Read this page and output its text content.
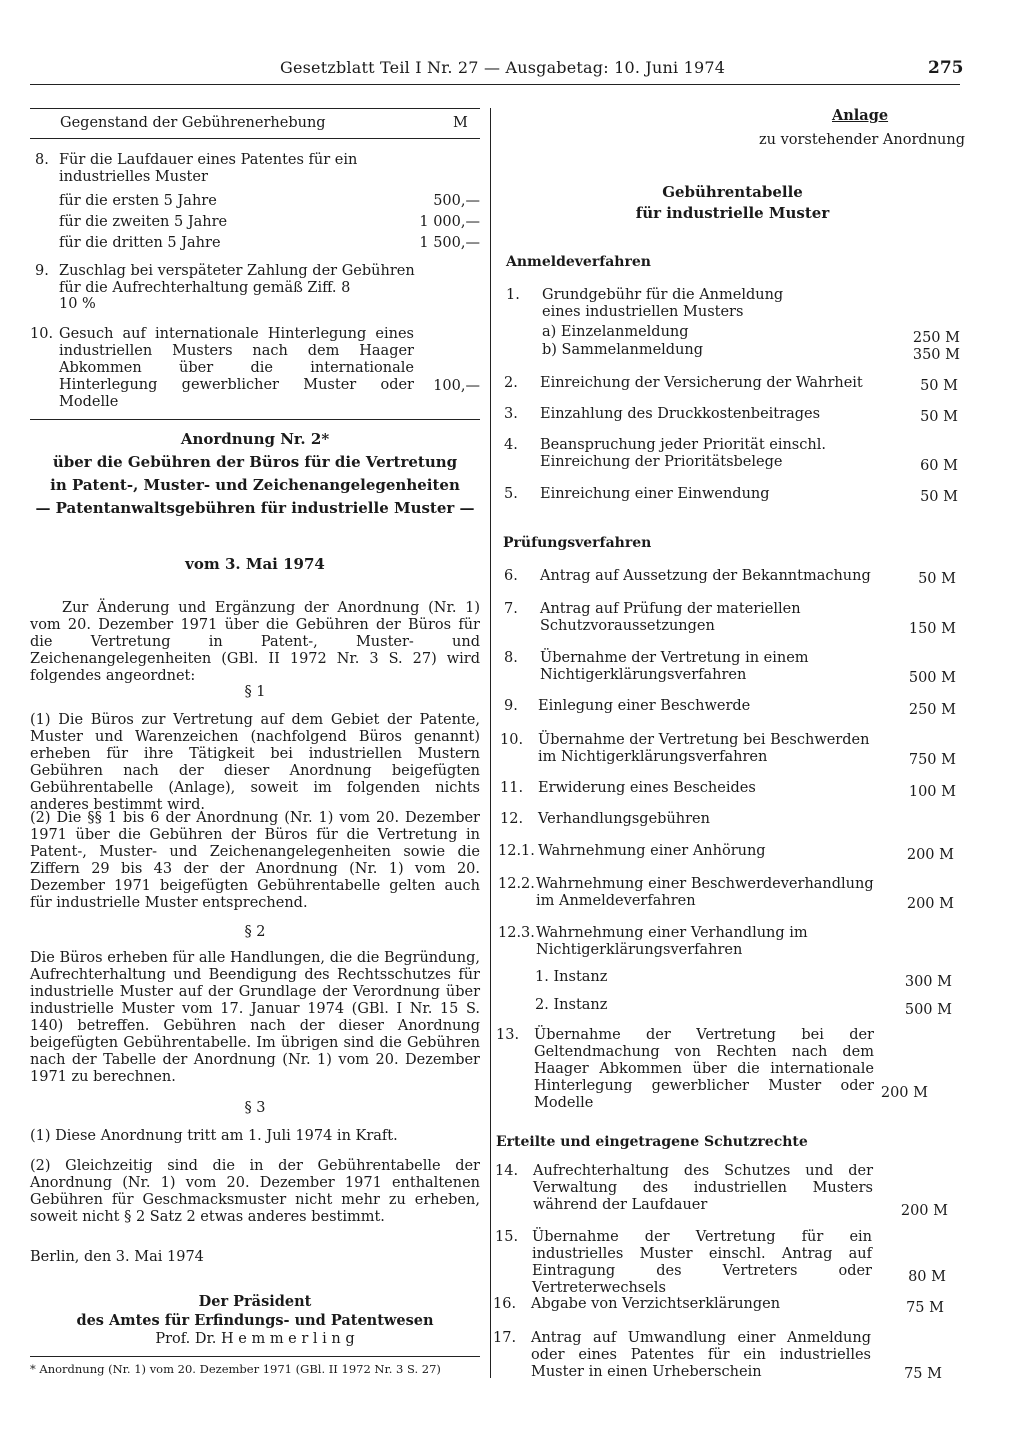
Gesetzblatt Teil I Nr. 27 — Ausgabetag: 10. Juni 1974	275
Gegenstand der Gebührenerhebung	M
8. Für die Laufdauer eines Patentes für ein industrielles Muster
für die ersten 5 Jahre	500,—
für die zweiten 5 Jahre	1 000,—
für die dritten 5 Jahre	1 500,—
9. Zuschlag bei verspäteter Zahlung der Gebühren für die Aufrechterhaltung gemäß Ziff. 8
10 %
10. Gesuch auf internationale Hinterlegung eines industriellen Musters nach dem Haager Abkommen über die internationale Hinterlegung gewerblicher Muster oder Modelle
100,—
Anordnung Nr. 2*
über die Gebühren der Büros für die Vertretung
in Patent-, Muster- und Zeichenangelegenheiten
— Patentanwaltsgebühren für industrielle Muster —
vom 3. Mai 1974
Zur Änderung und Ergänzung der Anordnung (Nr. 1) vom 20. Dezember 1971 über die Gebühren der Büros für die Vertretung in Patent-, Muster- und Zeichenangelegenheiten (GBl. II 1972 Nr. 3 S. 27) wird folgendes angeordnet:
§ 1
(1) Die Büros zur Vertretung auf dem Gebiet der Patente, Muster und Warenzeichen (nachfolgend Büros genannt) erheben für ihre Tätigkeit bei industriellen Mustern Gebühren nach der dieser Anordnung beigefügten Gebührentabelle (Anlage), soweit im folgenden nichts anderes bestimmt wird.
(2) Die §§ 1 bis 6 der Anordnung (Nr. 1) vom 20. Dezember 1971 über die Gebühren der Büros für die Vertretung in Patent-, Muster- und Zeichenangelegenheiten sowie die Ziffern 29 bis 43 der der Anordnung (Nr. 1) vom 20. Dezember 1971 beigefügten Gebührentabelle gelten auch für industrielle Muster entsprechend.
§ 2
Die Büros erheben für alle Handlungen, die die Begründung, Aufrechterhaltung und Beendigung des Rechtsschutzes für industrielle Muster auf der Grundlage der Verordnung über industrielle Muster vom 17. Januar 1974 (GBl. I Nr. 15 S. 140) betreffen. Gebühren nach der dieser Anordnung beigefügten Gebührentabelle. Im übrigen sind die Gebühren nach der Tabelle der Anordnung (Nr. 1) vom 20. Dezember 1971 zu berechnen.
§ 3
(1) Diese Anordnung tritt am 1. Juli 1974 in Kraft.
(2) Gleichzeitig sind die in der Gebührentabelle der Anordnung (Nr. 1) vom 20. Dezember 1971 enthaltenen Gebühren für Geschmacksmuster nicht mehr zu erheben, soweit nicht § 2 Satz 2 etwas anderes bestimmt.
Berlin, den 3. Mai 1974
Der Präsident
des Amtes für Erfindungs- und Patentwesen
Prof. Dr. H e m m e r l i n g
* Anordnung (Nr. 1) vom 20. Dezember 1971 (GBl. II 1972 Nr. 3 S. 27)
Anlage
zu vorstehender Anordnung
Gebührentabelle
für industrielle Muster
Anmeldeverfahren
1.	Grundgebühr für die Anmeldung eines industriellen Musters
a) Einzelanmeldung	250 M
b) Sammelanmeldung	350 M
2.	Einreichung der Versicherung der Wahrheit	50 M
3.	Einzahlung des Druckkostenbeitrages	50 M
4.	Beanspruchung jeder Priorität einschl. Einreichung der Prioritätsbelege	60 M
5.	Einreichung einer Einwendung	50 M
Prüfungsverfahren
6.	Antrag auf Aussetzung der Bekanntmachung	50 M
7.	Antrag auf Prüfung der materiellen Schutzvoraussetzungen	150 M
8.	Übernahme der Vertretung in einem Nichtigerklärungsverfahren	500 M
9.	Einlegung einer Beschwerde	250 M
10.	Übernahme der Vertretung bei Beschwerden im Nichtigerklärungsverfahren	750 M
11.	Erwiderung eines Bescheides	100 M
12.	Verhandlungsgebühren
12.1. Wahrnehmung einer Anhörung	200 M
12.2. Wahrnehmung einer Beschwerdeverhandlung im Anmeldeverfahren	200 M
12.3. Wahrnehmung einer Verhandlung im Nichtigerklärungsverfahren
1. Instanz	300 M
2. Instanz	500 M
13.	Übernahme der Vertretung bei der Geltendmachung von Rechten nach dem Haager Abkommen über die internationale Hinterlegung gewerblicher Muster oder Modelle
200 M
Erteilte und eingetragene Schutzrechte
14.	Aufrechterhaltung des Schutzes und der Verwaltung des industriellen Musters während der Laufdauer	200 M
15. Übernahme der Vertretung für ein industrielles Muster einschl. Antrag auf Eintragung des Vertreters oder Vertreterwechsels
80 M
16.	Abgabe von Verzichtserklärungen	75 M
17.	Antrag auf Umwandlung einer Anmeldung oder eines Patentes für ein industrielles Muster in einen Urheberschein	75 M
